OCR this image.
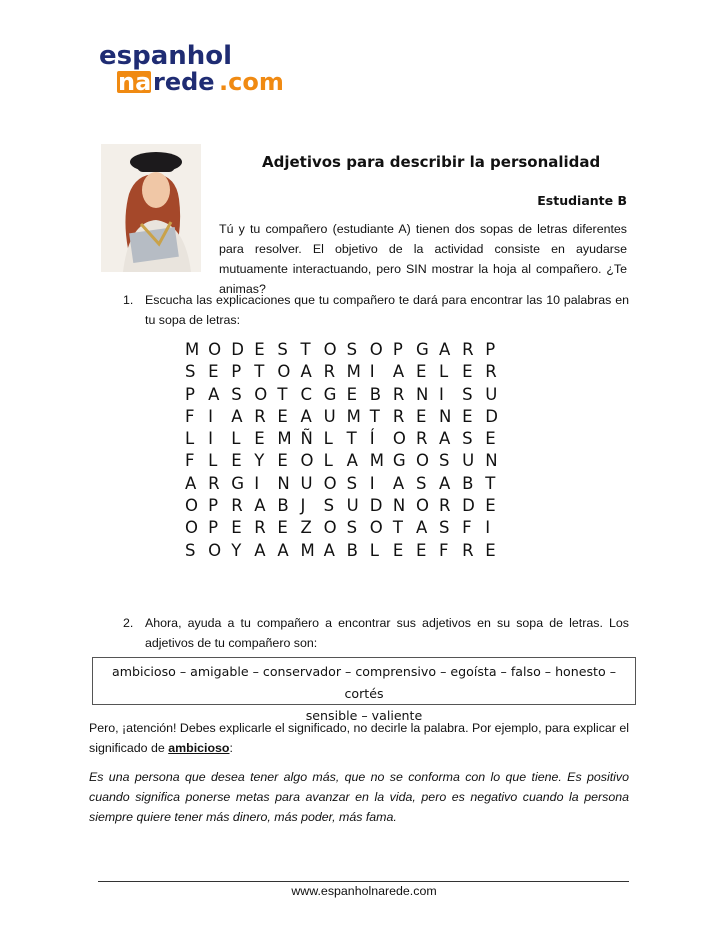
espanhol
na rede .com
Adjetivos para describir la personalidad
Estudiante B
Tú y tu compañero (estudiante A) tienen dos sopas de letras diferentes para resolver. El objetivo de la actividad consiste en ayudarse mutuamente interactuando, pero SIN mostrar la hoja al compañero. ¿Te animas?
1. Escucha las explicaciones que tu compañero te dará para encontrar las 10 palabras en tu sopa de letras:
M O D E S T O S O P G A R P
S E P T O A R M I A E L E R
P A S O T C G E B R N I S U
F I A R E A U M T R E N E D
L I L E M Ñ L T Í O R A S E
F L E Y E O L A M G O S U N
A R G I N U O S I A S A B T
O P R A B J S U D N O R D E
O P E R E Z O S O T A S F I
S O Y A A M A B L E E F R E
2. Ahora, ayuda a tu compañero a encontrar sus adjetivos en su sopa de letras. Los adjetivos de tu compañero son:
ambicioso – amigable – conservador – comprensivo – egoísta – falso – honesto – cortés
sensible – valiente
Pero, ¡atención! Debes explicarle el significado, no decirle la palabra. Por ejemplo, para explicar el significado de ambicioso:
Es una persona que desea tener algo más, que no se conforma con lo que tiene. Es positivo cuando significa ponerse metas para avanzar en la vida, pero es negativo cuando la persona siempre quiere tener más dinero, más poder, más fama.
www.espanholnarede.com
